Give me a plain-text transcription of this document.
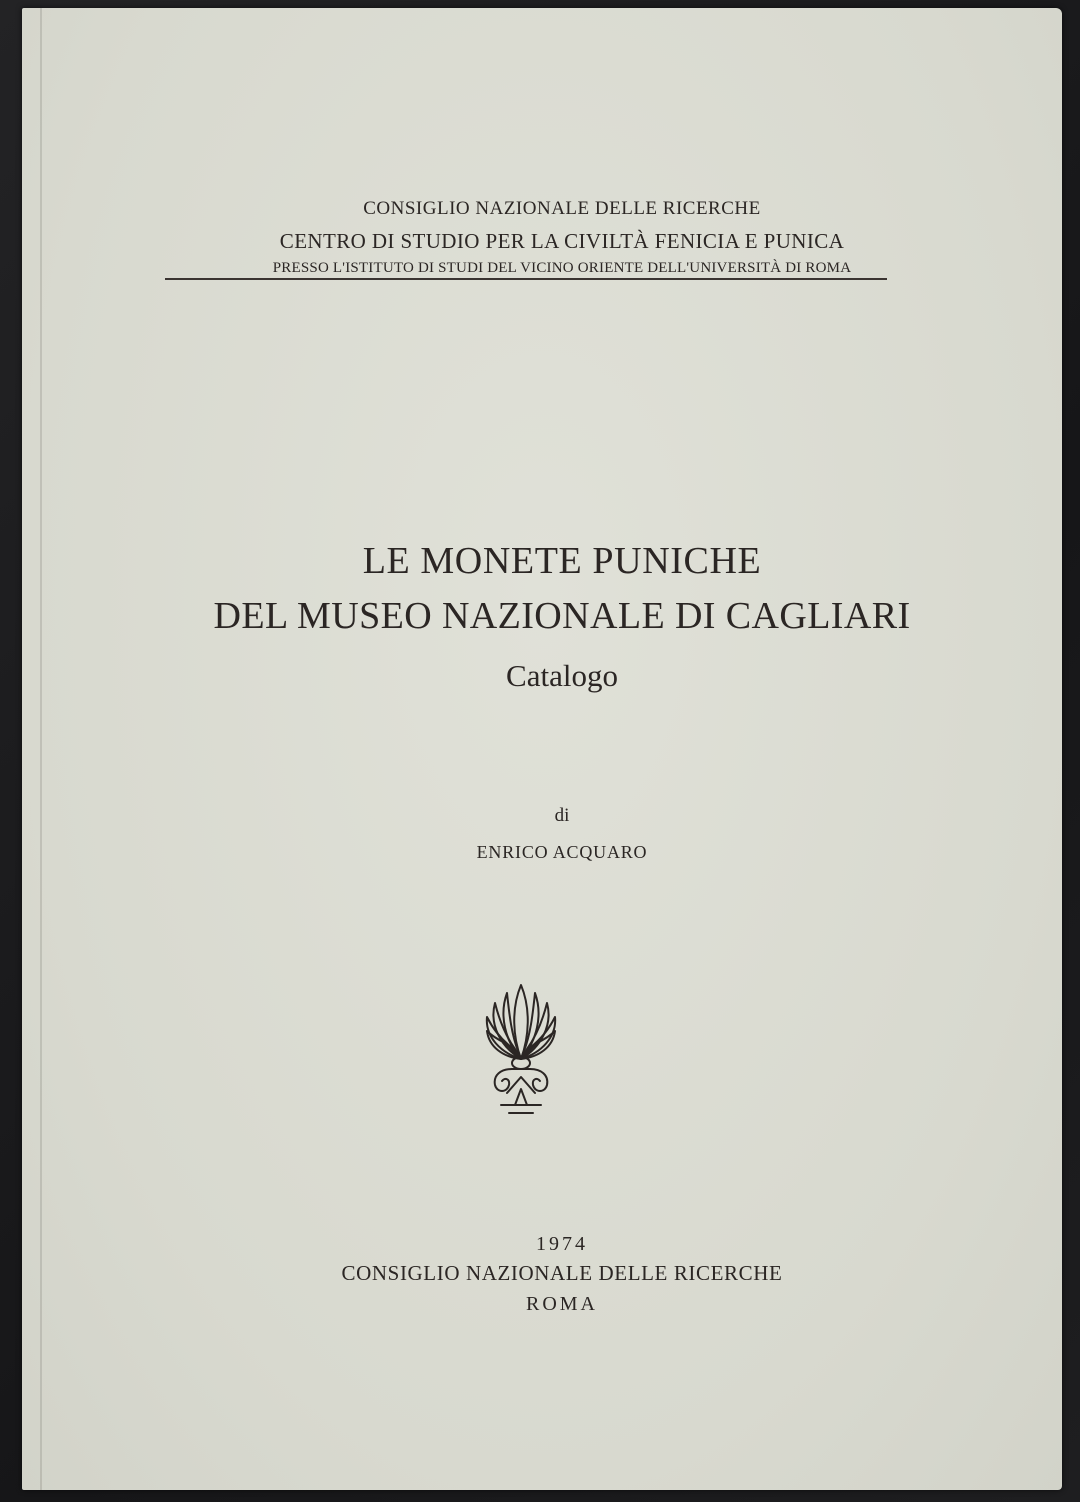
CONSIGLIO NAZIONALE DELLE RICERCHE
CENTRO DI STUDIO PER LA CIVILTÀ FENICIA E PUNICA
PRESSO L'ISTITUTO DI STUDI DEL VICINO ORIENTE DELL'UNIVERSITÀ DI ROMA
LE MONETE PUNICHE
DEL MUSEO NAZIONALE DI CAGLIARI
Catalogo
di
ENRICO ACQUARO
1974
CONSIGLIO NAZIONALE DELLE RICERCHE
ROMA
